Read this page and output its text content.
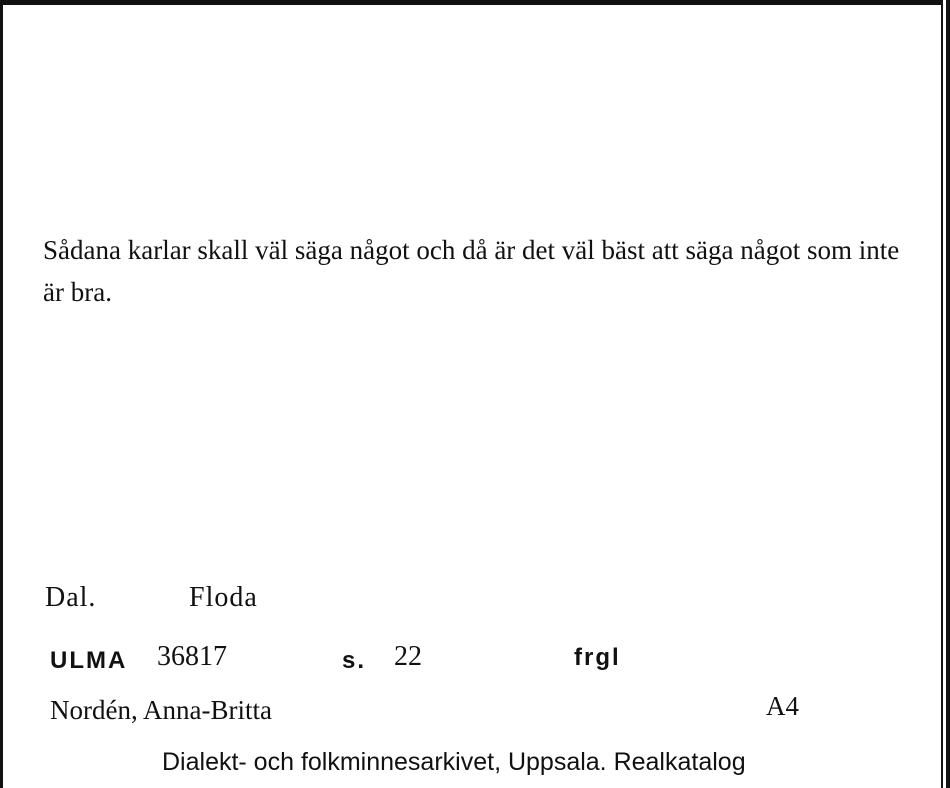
Sådana karlar skall väl säga något och då är det väl bäst att säga något som inte är bra.
Dal.	Floda
ULMA 36817	s. 22	frgl
Nordén, Anna-Britta	A4
Dialekt- och folkminnesarkivet, Uppsala. Realkatalog
